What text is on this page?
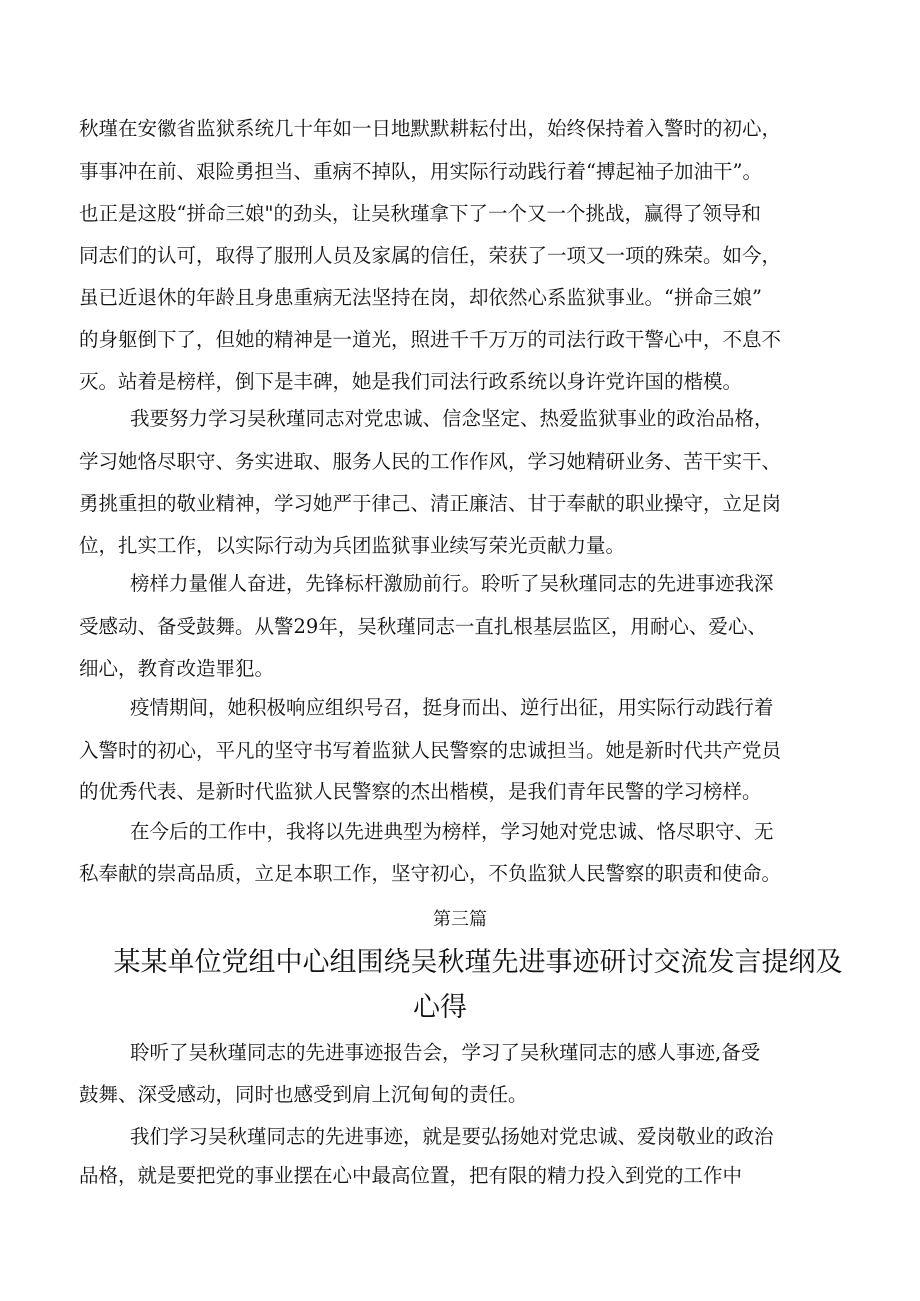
秋瑾在安徽省监狱系统几十年如一日地默默耕耘付出，始终保持着入警时的初心，
事事冲在前、艰险勇担当、重病不掉队，用实际行动践行着“搏起袖子加油干”。
也正是这股“拼命三娘"的劲头，让吴秋瑾拿下了一个又一个挑战，赢得了领导和
同志们的认可，取得了服刑人员及家属的信任，荣获了一项又一项的殊荣。如今，
虽已近退休的年龄且身患重病无法坚持在岗，却依然心系监狱事业。“拼命三娘”
的身躯倒下了，但她的精神是一道光，照进千千万万的司法行政干警心中，不息不
灭。站着是榜样，倒下是丰碑，她是我们司法行政系统以身许党许国的楷模。
我要努力学习吴秋瑾同志对党忠诚、信念坚定、热爱监狱事业的政治品格，
学习她恪尽职守、务实进取、服务人民的工作作风，学习她精研业务、苦干实干、
勇挑重担的敬业精神，学习她严于律己、清正廉洁、甘于奉献的职业操守，立足岗
位，扎实工作，以实际行动为兵团监狱事业续写荣光贡献力量。
榜样力量催人奋进，先锋标杆激励前行。聆听了吴秋瑾同志的先进事迹我深
受感动、备受鼓舞。从警29年，吴秋瑾同志一直扎根基层监区，用耐心、爱心、
细心，教育改造罪犯。
疫情期间，她积极响应组织号召，挺身而出、逆行出征，用实际行动践行着
入警时的初心，平凡的坚守书写着监狱人民警察的忠诚担当。她是新时代共产党员
的优秀代表、是新时代监狱人民警察的杰出楷模，是我们青年民警的学习榜样。
在今后的工作中，我将以先进典型为榜样，学习她对党忠诚、恪尽职守、无
私奉献的崇高品质，立足本职工作，坚守初心，不负监狱人民警察的职责和使命。
第三篇
某某单位党组中心组围绕吴秋瑾先进事迹研讨交流发言提纲及
心得
聆听了吴秋瑾同志的先进事迹报告会，学习了吴秋瑾同志的感人事迹,备受
鼓舞、深受感动，同时也感受到肩上沉甸甸的责任。
我们学习吴秋瑾同志的先进事迹，就是要弘扬她对党忠诚、爱岗敬业的政治
品格，就是要把党的事业摆在心中最高位置，把有限的精力投入到党的工作中
